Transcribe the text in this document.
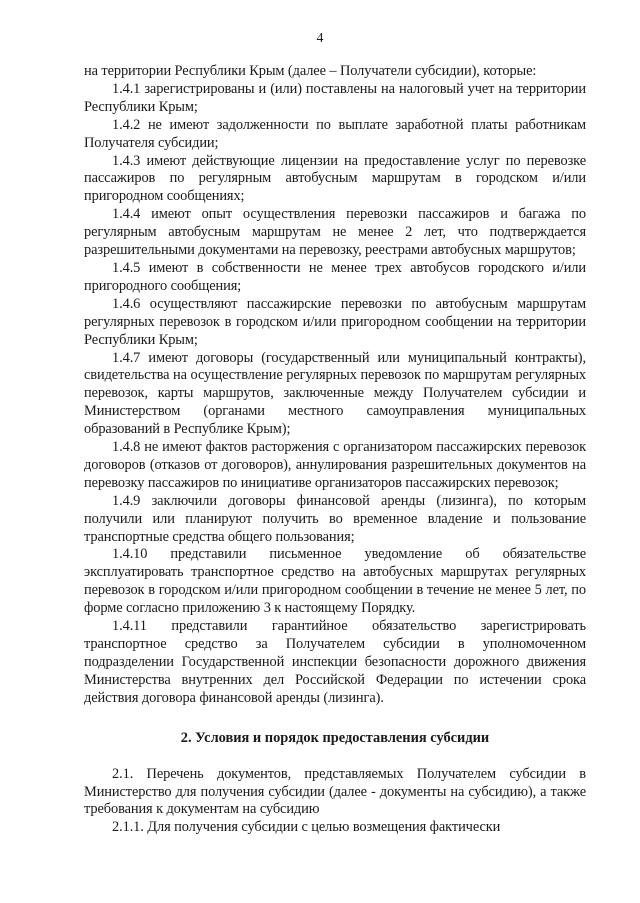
4

на территории Республики Крым (далее – Получатели субсидии), которые:

1.4.1 зарегистрированы и (или) поставлены на налоговый учет на территории Республики Крым;

1.4.2 не имеют задолженности по выплате заработной платы работникам Получателя субсидии;

1.4.3 имеют действующие лицензии на предоставление услуг по перевозке пассажиров по регулярным автобусным маршрутам в городском и/или пригородном сообщениях;

1.4.4 имеют опыт осуществления перевозки пассажиров и багажа по регулярным автобусным маршрутам не менее 2 лет, что подтверждается разрешительными документами на перевозку, реестрами автобусных маршрутов;

1.4.5 имеют в собственности не менее трех автобусов городского и/или пригородного сообщения;

1.4.6 осуществляют пассажирские перевозки по автобусным маршрутам регулярных перевозок в городском и/или пригородном сообщении на территории Республики Крым;

1.4.7 имеют договоры (государственный или муниципальный контракты), свидетельства на осуществление регулярных перевозок по маршрутам регулярных перевозок, карты маршрутов, заключенные между Получателем субсидии и Министерством (органами местного самоуправления муниципальных образований в Республике Крым);

1.4.8 не имеют фактов расторжения с организатором пассажирских перевозок договоров (отказов от договоров), аннулирования разрешительных документов на перевозку пассажиров по инициативе организаторов пассажирских перевозок;

1.4.9 заключили договоры финансовой аренды (лизинга), по которым получили или планируют получить во временное владение и пользование транспортные средства общего пользования;

1.4.10 представили письменное уведомление об обязательстве эксплуатировать транспортное средство на автобусных маршрутах регулярных перевозок в городском и/или пригородном сообщении в течение не менее 5 лет, по форме согласно приложению 3 к настоящему Порядку.

1.4.11 представили гарантийное обязательство зарегистрировать транспортное средство за Получателем субсидии в уполномоченном подразделении Государственной инспекции безопасности дорожного движения Министерства внутренних дел Российской Федерации по истечении срока действия договора финансовой аренды (лизинга).

2. Условия и порядок предоставления субсидии

2.1. Перечень документов, представляемых Получателем субсидии в Министерство для получения субсидии (далее - документы на субсидию), а также требования к документам на субсидию

2.1.1. Для получения субсидии с целью возмещения фактически
